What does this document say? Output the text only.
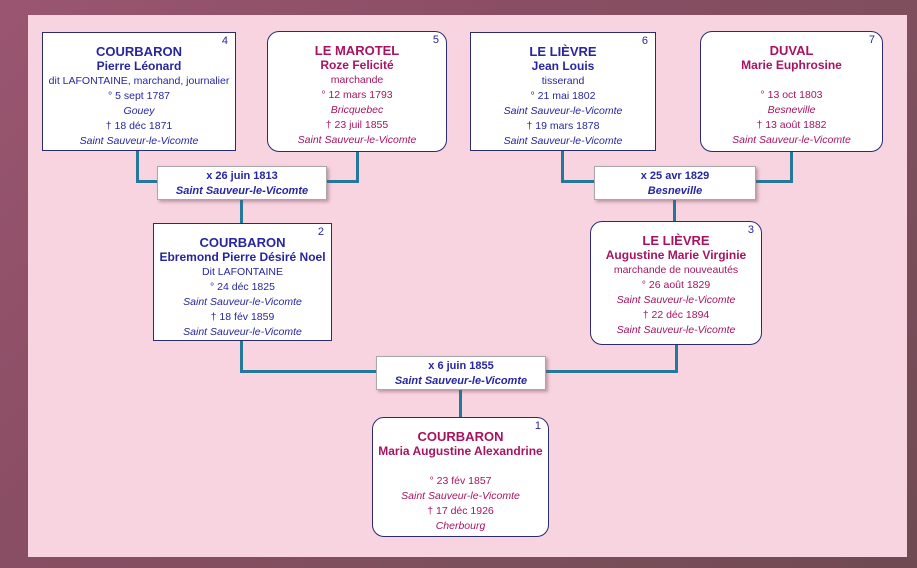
4
COURBARON
Pierre Léonard
dit LAFONTAINE, marchand, journalier
° 5 sept 1787
Gouey
† 18 déc 1871
Saint Sauveur-le-Vicomte
5
LE MAROTEL
Roze Felicité
marchande
° 12 mars 1793
Bricquebec
† 23 juil 1855
Saint Sauveur-le-Vicomte
6
LE LIÈVRE
Jean Louis
tisserand
° 21 mai 1802
Saint Sauveur-le-Vicomte
† 19 mars 1878
Saint Sauveur-le-Vicomte
7
DUVAL
Marie Euphrosine
° 13 oct 1803
Besneville
† 13 août 1882
Saint Sauveur-le-Vicomte
x 26 juin 1813
Saint Sauveur-le-Vicomte
x 25 avr 1829
Besneville
2
COURBARON
Ebremond Pierre Désiré Noel
Dit LAFONTAINE
° 24 déc 1825
Saint Sauveur-le-Vicomte
† 18 fév 1859
Saint Sauveur-le-Vicomte
3
LE LIÈVRE
Augustine Marie Virginie
marchande de nouveautés
° 26 août 1829
Saint Sauveur-le-Vicomte
† 22 déc 1894
Saint Sauveur-le-Vicomte
x 6 juin 1855
Saint Sauveur-le-Vicomte
1
COURBARON
Maria Augustine Alexandrine
° 23 fév 1857
Saint Sauveur-le-Vicomte
† 17 déc 1926
Cherbourg
